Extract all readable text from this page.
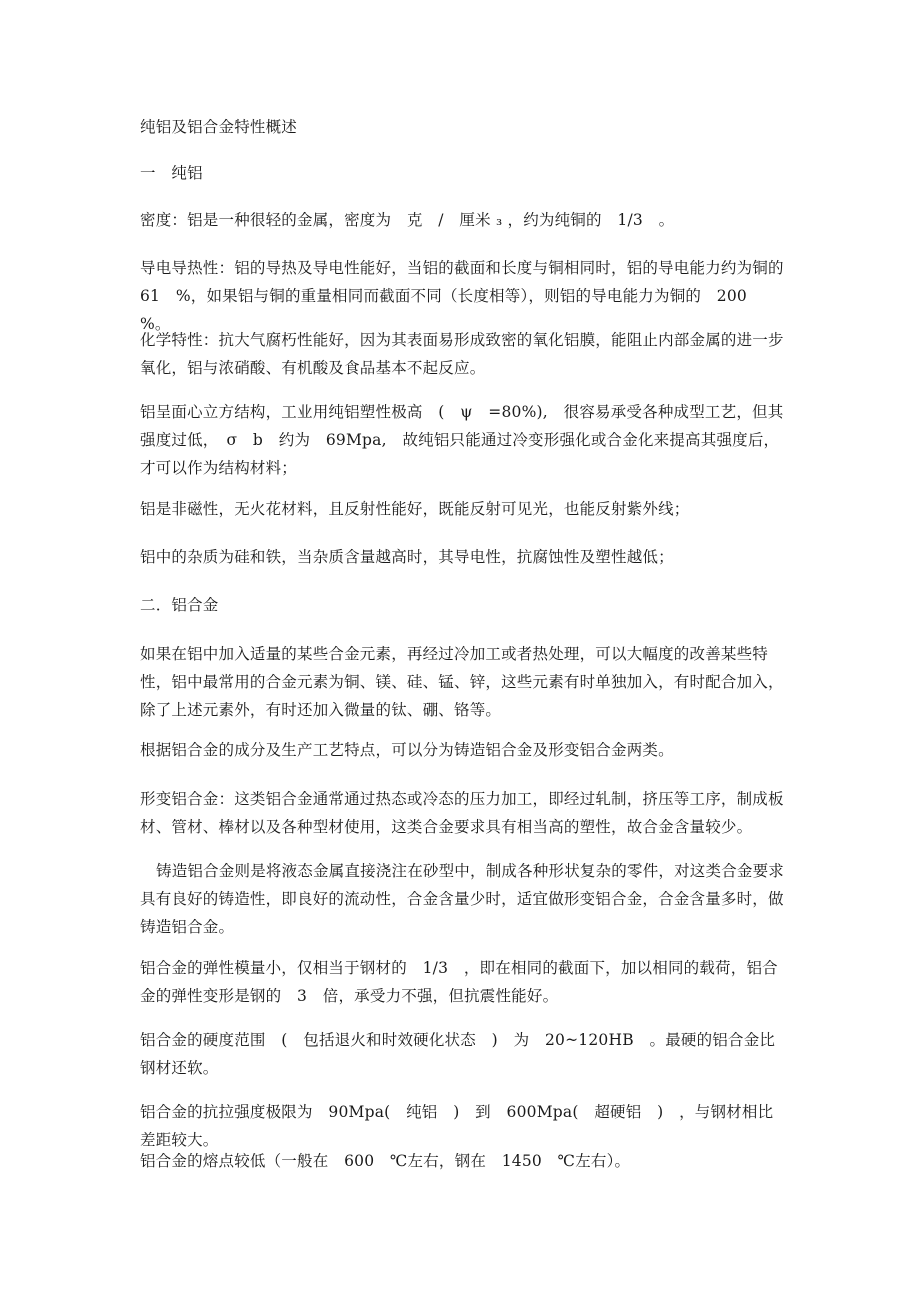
纯铝及铝合金特性概述

一　纯铝

密度：铝是一种很轻的金属，密度为　克　/　厘米 ₃ ，约为纯铜的　1/3　。

导电导热性：铝的导热及导电性能好，当铝的截面和长度与铜相同时，铝的导电能力约为铜的　61　%，如果铝与铜的重量相同而截面不同（长度相等），则铝的导电能力为铜的　200　%。

化学特性：抗大气腐朽性能好，因为其表面易形成致密的氧化铝膜，能阻止内部金属的进一步氧化，铝与浓硝酸、有机酸及食品基本不起反应。

铝呈面心立方结构，工业用纯铝塑性极高　(　ψ　=80%),　很容易承受各种成型工艺，但其强度过低，　σ　b　约为　69Mpa,　故纯铝只能通过冷变形强化或合金化来提高其强度后，才可以作为结构材料；

铝是非磁性，无火花材料，且反射性能好，既能反射可见光，也能反射紫外线；

铝中的杂质为硅和铁，当杂质含量越高时，其导电性，抗腐蚀性及塑性越低；

二．铝合金

如果在铝中加入适量的某些合金元素，再经过冷加工或者热处理，可以大幅度的改善某些特性，铝中最常用的合金元素为铜、镁、硅、锰、锌，这些元素有时单独加入，有时配合加入，除了上述元素外，有时还加入微量的钛、硼、铬等。

根据铝合金的成分及生产工艺特点，可以分为铸造铝合金及形变铝合金两类。

形变铝合金：这类铝合金通常通过热态或冷态的压力加工，即经过轧制，挤压等工序，制成板材、管材、棒材以及各种型材使用，这类合金要求具有相当高的塑性，故合金含量较少。

铸造铝合金则是将液态金属直接浇注在砂型中，制成各种形状复杂的零件，对这类合金要求具有良好的铸造性，即良好的流动性，合金含量少时，适宜做形变铝合金，合金含量多时，做铸造铝合金。

铝合金的弹性模量小，仅相当于钢材的　1/3　，即在相同的截面下，加以相同的载荷，铝合金的弹性变形是钢的　3　倍，承受力不强，但抗震性能好。

铝合金的硬度范围　(　包括退火和时效硬化状态　)　为　20~120HB　。最硬的铝合金比钢材还软。

铝合金的抗拉强度极限为　90Mpa(　纯铝　)　到　600Mpa(　超硬铝　)　，与钢材相比差距较大。

铝合金的熔点较低（一般在　600　℃左右，钢在　1450　℃左右）。
